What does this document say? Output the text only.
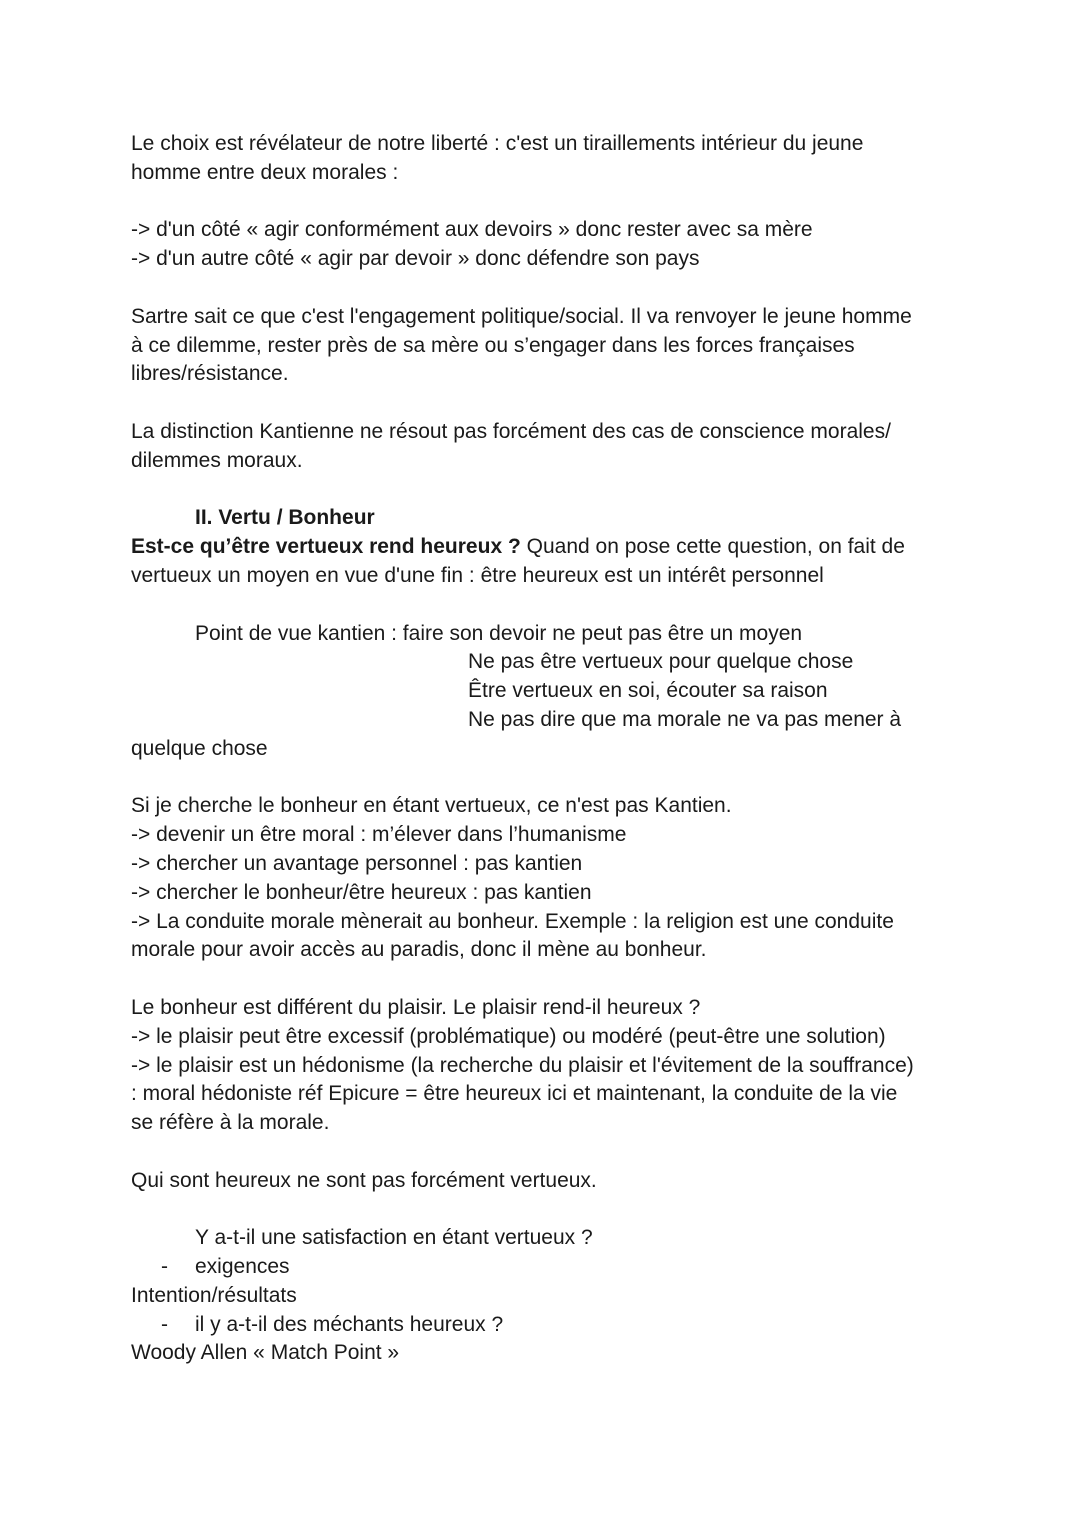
Le choix est révélateur de notre liberté : c'est un tiraillements intérieur du jeune
homme entre deux morales :
-> d'un côté « agir conformément aux devoirs » donc rester avec sa mère
-> d'un autre côté « agir par devoir » donc défendre son pays
Sartre sait ce que c'est l'engagement politique/social. Il va renvoyer le jeune homme
à ce dilemme, rester près de sa mère ou s’engager dans les forces françaises
libres/résistance.
La distinction Kantienne ne résout pas forcément des cas de conscience morales/
dilemmes moraux.
II. Vertu / Bonheur
Est-ce qu’être vertueux rend heureux ? Quand on pose cette question, on fait de
vertueux un moyen en vue d'une fin : être heureux est un intérêt personnel
Point de vue kantien : faire son devoir ne peut pas être un moyen
Ne pas être vertueux pour quelque chose
Être vertueux en soi, écouter sa raison
Ne pas dire que ma morale ne va pas mener à
quelque chose
Si je cherche le bonheur en étant vertueux, ce n'est pas Kantien.
-> devenir un être moral : m’élever dans l’humanisme
-> chercher un avantage personnel : pas kantien
-> chercher le bonheur/être heureux : pas kantien
-> La conduite morale mènerait au bonheur. Exemple : la religion est une conduite
morale pour avoir accès au paradis, donc il mène au bonheur.
Le bonheur est différent du plaisir. Le plaisir rend-il heureux ?
-> le plaisir peut être excessif (problématique) ou modéré (peut-être une solution)
-> le plaisir est un hédonisme (la recherche du plaisir et l'évitement de la souffrance)
: moral hédoniste réf Epicure = être heureux ici et maintenant, la conduite de la vie
se réfère à la morale.
Qui sont heureux ne sont pas forcément vertueux.
Y a-t-il une satisfaction en étant vertueux ?
-	exigences
Intention/résultats
-	il y a-t-il des méchants heureux ?
Woody Allen « Match Point »
